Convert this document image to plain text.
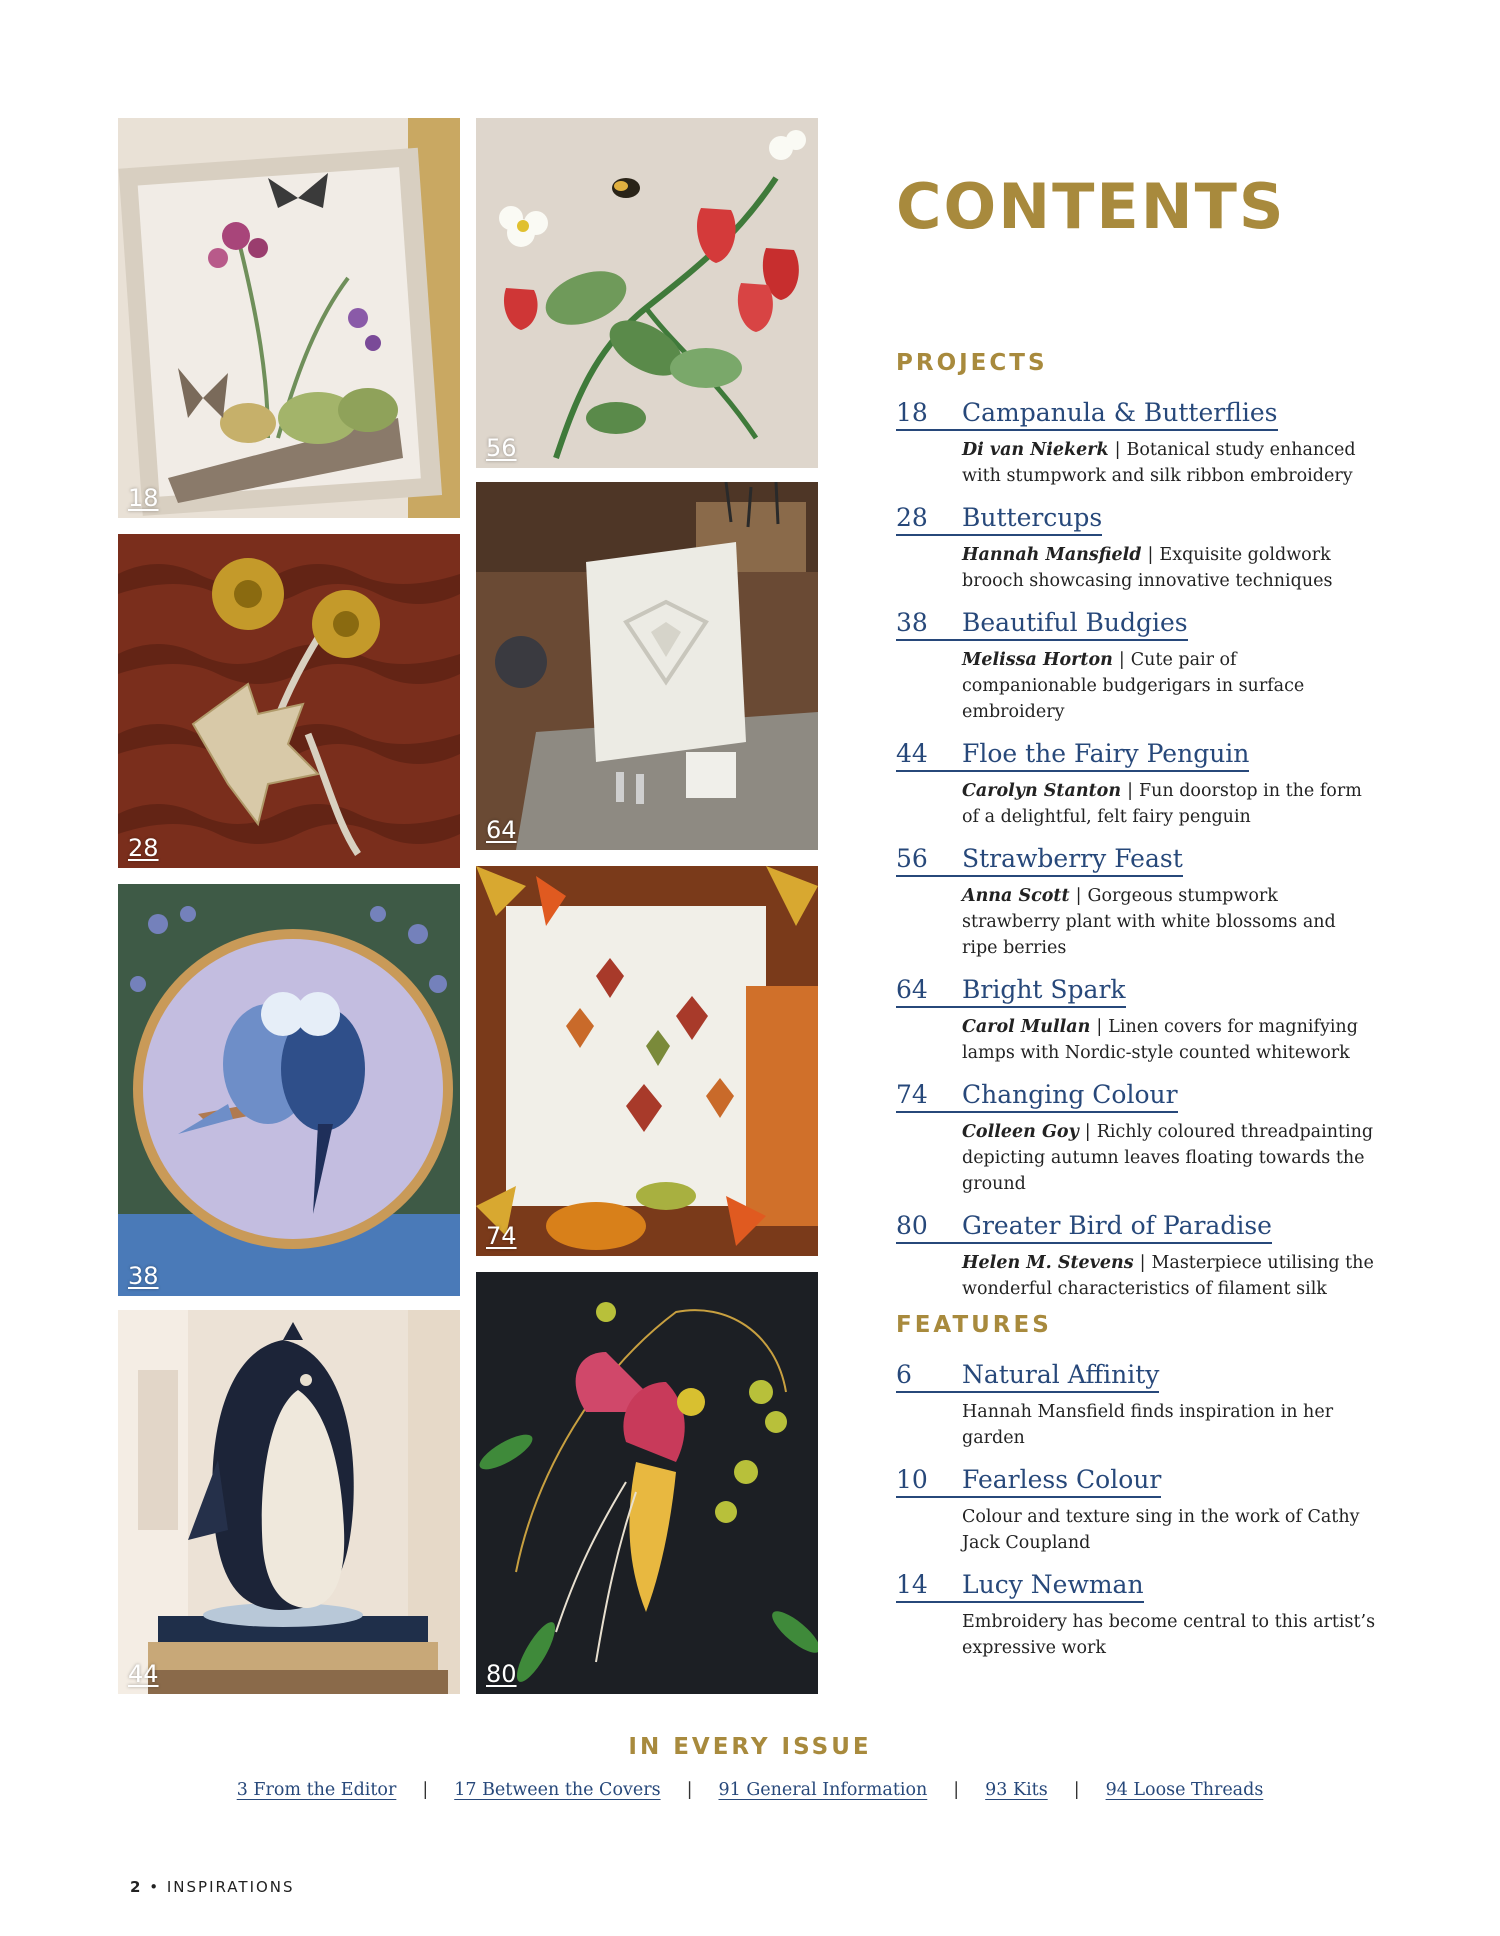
18
28
38
44
56
64
74
80
CONTENTS
PROJECTS
18	Campanula & Butterflies
Di van Niekerk | Botanical study enhanced with stumpwork and silk ribbon embroidery
28	Buttercups
Hannah Mansfield | Exquisite goldwork brooch showcasing innovative techniques
38	Beautiful Budgies
Melissa Horton | Cute pair of companionable budgerigars in surface embroidery
44	Floe the Fairy Penguin
Carolyn Stanton | Fun doorstop in the form of a delightful, felt fairy penguin
56	Strawberry Feast
Anna Scott | Gorgeous stumpwork strawberry plant with white blossoms and ripe berries
64	Bright Spark
Carol Mullan | Linen covers for magnifying lamps with Nordic-style counted whitework
74	Changing Colour
Colleen Goy | Richly coloured threadpainting depicting autumn leaves floating towards the ground
80	Greater Bird of Paradise
Helen M. Stevens | Masterpiece utilising the wonderful characteristics of filament silk
FEATURES
6	Natural Affinity
Hannah Mansfield finds inspiration in her garden
10	Fearless Colour
Colour and texture sing in the work of Cathy Jack Coupland
14	Lucy Newman
Embroidery has become central to this artist’s expressive work
IN EVERY ISSUE
3 From the Editor | 17 Between the Covers | 91 General Information | 93 Kits | 94 Loose Threads
2 • INSPIRATIONS
